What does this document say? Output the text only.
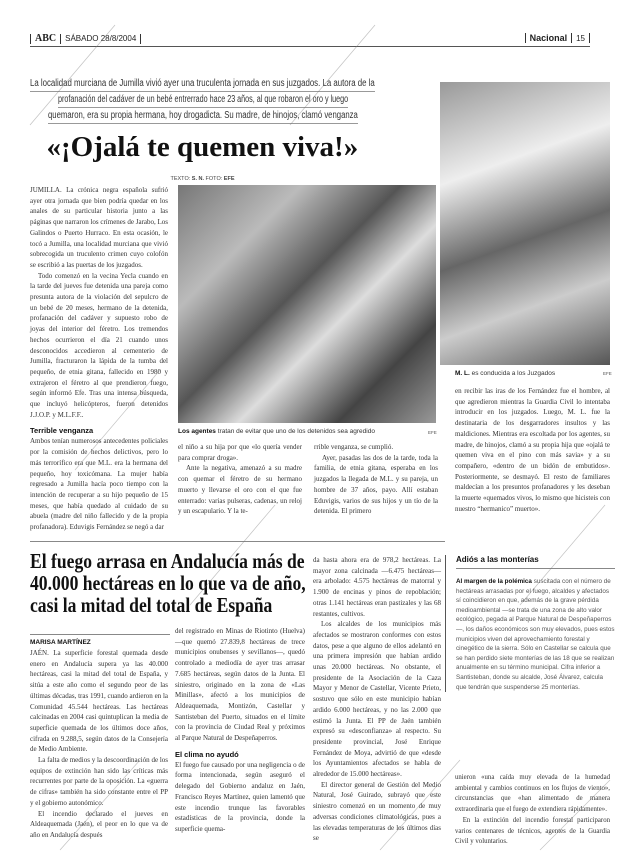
ABC SÁBADO 28/8/2004	Nacional 15
La localidad murciana de Jumilla vivió ayer una truculenta jornada en sus juzgados. La autora de la
profanación del cadáver de un bebé entrerrado hace 23 años, al que robaron el oro y luego
quemaron, era su propia hermana, hoy drogadicta. Su madre, de hinojos, clamó venganza
«¡Ojalá te quemen viva!»
TEXTO: S. N. FOTO: EFE

JUMILLA. La crónica negra española sufrió ayer otra jornada que bien podría quedar en los anales de su particular historia junto a las páginas que narraron los crímenes de Jarabo, Los Galindos o Puerto Hurraco. En esta ocasión, le tocó a Jumilla, una localidad murciana que vivió sobrecogida un truculento crimen cuyo colofón se escribió a las puertas de los juzgados.

Todo comenzó en la vecina Yecla cuando en la tarde del jueves fue detenida una pareja como presunta autora de la violación del sepulcro de un bebé de 20 meses, hermano de la detenida, profanación del cadáver y supuesto robo de joyas del interior del féretro. Los tremendos hechos ocurrieron el día 21 cuando unos desconocidos accedieron al cementerio de Jumilla, fracturaron la lápida de la tumba del pequeño, de etnia gitana, fallecido en 1980 y extrajeron el féretro al que prendieron fuego, según informó Efe. Tras una intensa búsqueda, que incluyó helicópteros, fueron detenidos J.J.O.P. y M.L.F.F..

Terrible venganza

Ambos tenían numerosos antecedentes policiales por la comisión de hechos delictivos, pero lo más terrorífico era que M.L. era la hermana del pequeño, hoy toxicómana. La mujer había regresado a Jumilla hacía poco tiempo con la intención de recuperar a su hijo pequeño de 15 meses, que había quedado al cuidado de su abuela (madre del niño fallecido y de la propia profanadora). Eduvigis Fernández se negó a dar

Los agentes tratan de evitar que uno de los detenidos sea agredido	EFE

el niño a su hija por que «lo quería vender para comprar droga».

Ante la negativa, amenazó a su madre con quemar el féretro de su hermano muerto y llevarse el oro con el que fue enterrado: varias pulseras, cadenas, un reloj y un escapulario. Y la te-

rrible venganza, se cumplió.

Ayer, pasadas las dos de la tarde, toda la familia, de etnia gitana, esperaba en los juzgados la llegada de M.L. y su pareja, un hombre de 37 años, payo. Allí estaban Eduvigis, varios de sus hijos y un tío de la detenida. El primero

M. L. es conducida a los Juzgados	EFE

en recibir las iras de los Fernández fue el hombre, al que agredieron mientras la Guardia Civil lo intentaba introducir en los juzgados. Luego, M. L. fue la destinataria de los desgarradores insultos y las maldiciones. Mientras era escoltada por los agentes, su madre, de hinojos, clamó a su propia hija que «ojalá te quemen viva en el pino con más savia» y a su compañero, «dentro de un bidón de embutidos». Posteriormente, se desmayó. El resto de familiares maldecían a los presuntos profanadores y les deseban la muerte «quemados vivos, lo mismo que hicisteis con nuestro “hermanico” muerto».

El fuego arrasa en Andalucía más de 40.000 hectáreas en lo que va de año, casi la mitad del total de España
MARISA MARTÍNEZ

JAÉN. La superficie forestal quemada desde enero en Andalucía supera ya las 40.000 hectáreas, casi la mitad del total de España, y sitúa a este año como el segundo peor de las últimas décadas, tras 1991, cuando ardieron en la Comunidad 45.544 hectáreas. Las hectáreas calcinadas en 2004 casi quintuplican la media de superficie quemada de los últimos doce años, cifrada en 9.288,5, según datos de la Consejería de Medio Ambiente.

La falta de medios y la descoordinación de los equipos de extinción han sido las críticas más recurrentes por parte de la oposición. La «guerra de cifras» también ha sido constante entre el PP y el gobierno autonómico.

El incendio declarado el jueves en Aldeaquemada (Jaén), el peor en lo que va de año en Andalucía después

del registrado en Minas de Riotinto (Huelva) —que quemó 27.839,8 hectáreas de trece municipios onubenses y sevillanos—, quedó controlado a mediodía de ayer tras arrasar 7.685 hectáreas, según datos de la Junta. El siniestro, originado en la zona de «Las Minillas», afectó a los municipios de Aldeaquemada, Montizón, Castellar y Santisteban del Puerto, situados en el límite con la provincia de Ciudad Real y próximos al Parque Natural de Despeñaperros.

El clima no ayudó

El fuego fue causado por una negligencia o de forma intencionada, según aseguró el delegado del Gobierno andaluz en Jaén, Francisco Reyes Martínez, quien lamentó que este incendio trunque las favorables estadísticas de la provincia, donde la superficie quema-

da hasta ahora era de 978,2 hectáreas. La mayor zona calcinada —6.475 hectáreas— era arbolado: 4.575 hectáreas de matorral y 1.900 de encinas y pinos de repoblación; otras 1.141 hectáreas eran pastizales y las 68 restantes, cultivos.

Los alcaldes de los municipios más afectados se mostraron conformes con estos datos, pese a que alguno de ellos adelantó en una primera impresión que habían ardido unas 20.000 hectáreas. No obstante, el presidente de la Asociación de la Caza Mayor y Menor de Castellar, Vicente Prieto, sostuvo que sólo en este municipio habían ardido 6.000 hectáreas, y no las 2.000 que estimó la Junta. El PP de Jaén también expresó su «desconfianza» al respecto. Su presidente provincial, José Enrique Fernández de Moya, advirtió de que «desde los Ayuntamientos afectados se habla de alrededor de 15.000 hectáreas».

El director general de Gestión del Medio Natural, José Guirado, subrayó que este siniestro comenzó en un momento de muy adversas condiciones climatológicas, pues a las elevadas temperaturas de los últimos días se

Adiós a las monterías

Al margen de la polémica suscitada con el número de hectáreas arrasadas por el fuego, alcaldes y afectados sí coincidieron en que, además de la grave pérdida medioambiental —se trata de una zona de alto valor ecológico, pegada al Parque Natural de Despeñaperros—, los daños económicos son muy elevados, pues estos municipios viven del aprovechamiento forestal y cinegético de la sierra. Sólo en Castellar se calcula que se han perdido siete monterías de las 18 que se realizan anualmente en su término municipal. Cifra inferior a Santisteban, donde su alcalde, José Álvarez, calcula que tendrán que suspenderse 25 monterías.

unieron «una caída muy elevada de la humedad ambiental y cambios continuos en los flujos de viento», circunstancias que «han alimentado de manera extraordinaria que el fuego de extendiera rápidamente».

En la extinción del incendio forestal participaron varios centenares de técnicos, agentes de la Guardia Civil y voluntarios.
